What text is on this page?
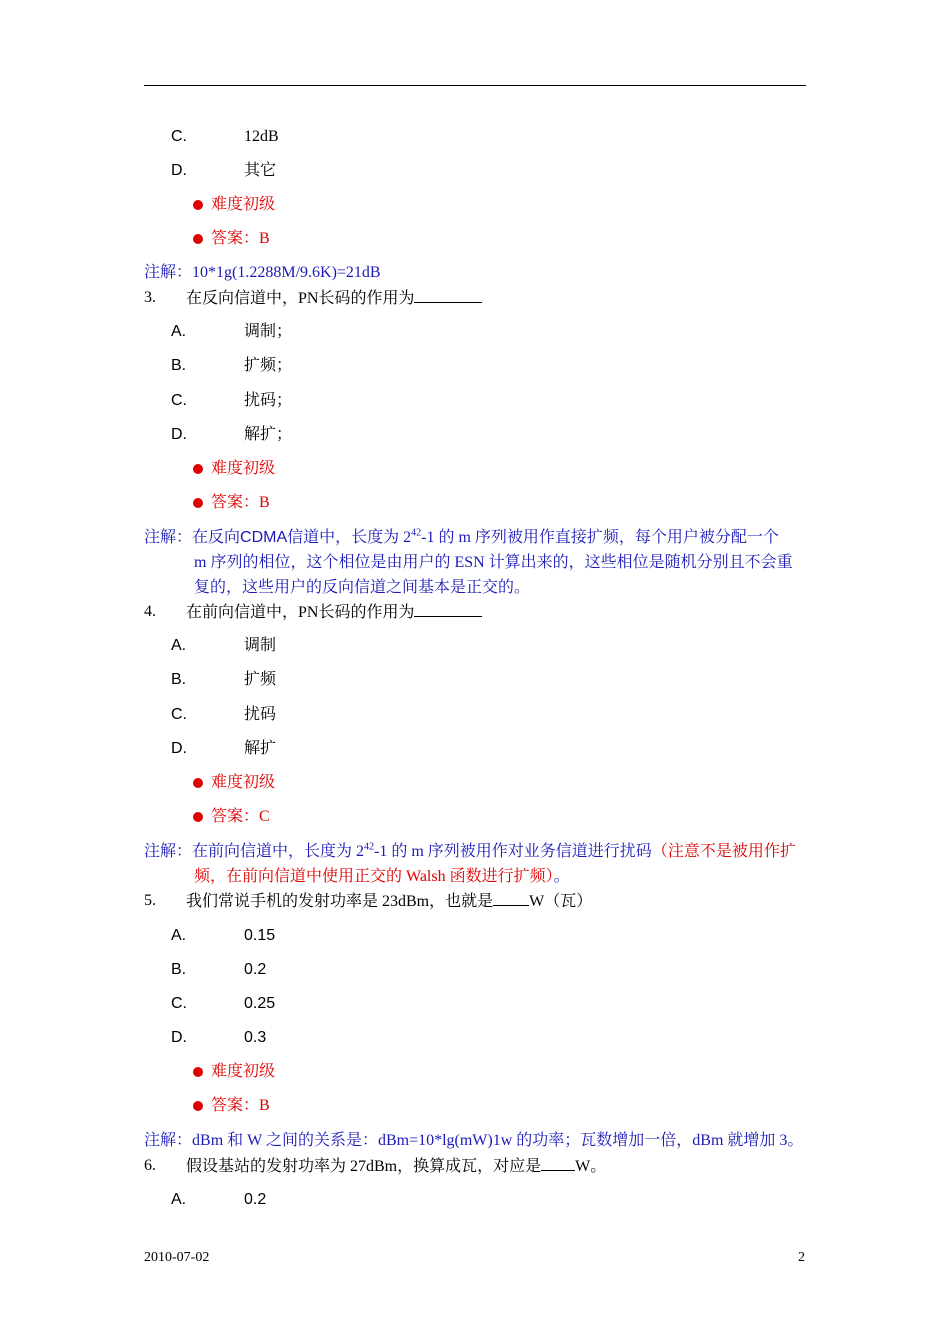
C.	12dB
D.	其它
难度初级
答案：B
注解：10*1g(1.2288M/9.6K)=21dB
3. 在反向信道中，PN长码的作用为
A.	调制；
B.	扩频；
C.	扰码；
D.	解扩；
难度初级
答案：B
注解：在反向CDMA信道中，长度为 $2^{42}-1$ 的 m 序列被用作直接扩频，每个用户被分配一个
m 序列的相位，这个相位是由用户的 ESN 计算出来的，这些相位是随机分别且不会重
复的，这些用户的反向信道之间基本是正交的。
4. 在前向信道中，PN长码的作用为
A.	调制
B.	扩频
C.	扰码
D.	解扩
难度初级
答案：C
注解：在前向信道中，长度为 $2^{42}-1$ 的 m 序列被用作对业务信道进行扰码（注意不是被用作扩
频，在前向信道中使用正交的 Walsh 函数进行扩频）。
5. 我们常说手机的发射功率是 23dBm，也就是 W（瓦）
A.	0.15
B.	0.2
C.	0.25
D.	0.3
难度初级
答案：B
注解：dBm 和 W 之间的关系是：dBm=10*lg(mW)1w 的功率；瓦数增加一倍，dBm 就增加 3。
6. 假设基站的发射功率为 27dBm，换算成瓦，对应是 W。
A.	0.2
2010-07-02	2
